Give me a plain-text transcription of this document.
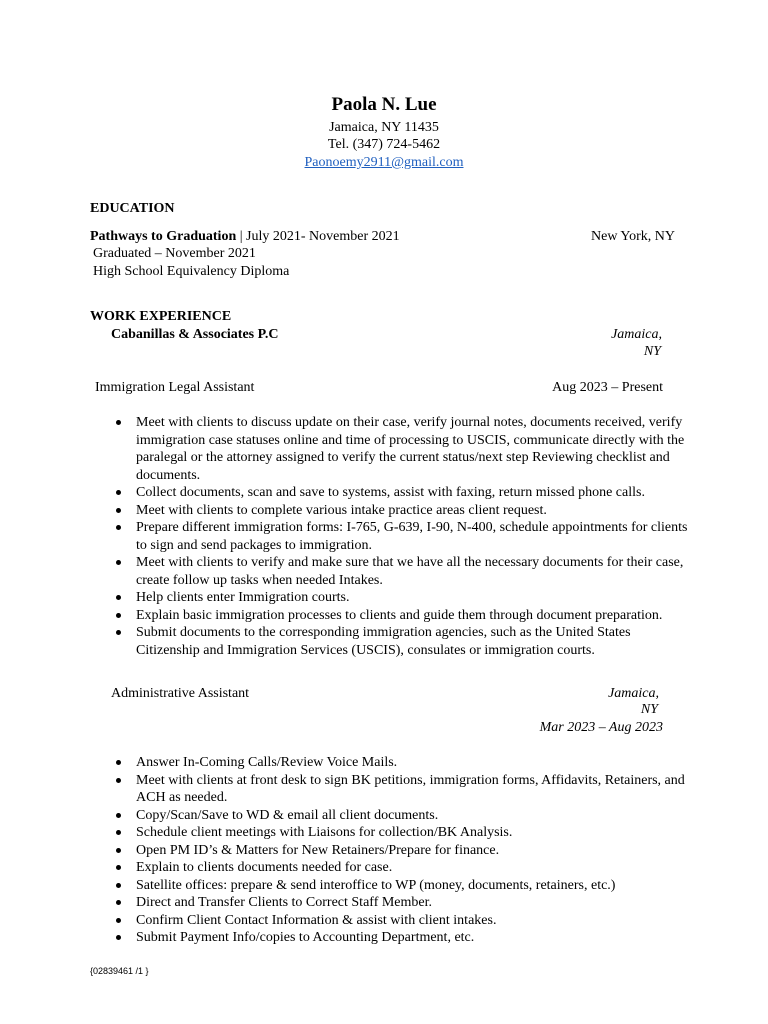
Paola N. Lue
Jamaica, NY 11435
Tel. (347) 724-5462
Paonoemy2911@gmail.com
EDUCATION
Pathways to Graduation | July 2021- November 2021	New York, NY
Graduated – November 2021
High School Equivalency Diploma
WORK EXPERIENCE
Cabanillas & Associates P.C	Jamaica,
NY
Immigration Legal Assistant	Aug 2023 – Present
Meet with clients to discuss update on their case, verify journal notes, documents received, verify immigration case statuses online and time of processing to USCIS, communicate directly with the paralegal or the attorney assigned to verify the current status/next step Reviewing checklist and documents.
Collect documents, scan and save to systems, assist with faxing, return missed phone calls.
Meet with clients to complete various intake practice areas client request.
Prepare different immigration forms: I-765, G-639, I-90, N-400, schedule appointments for clients to sign and send packages to immigration.
Meet with clients to verify and make sure that we have all the necessary documents for their case, create follow up tasks when needed Intakes.
Help clients enter Immigration courts.
Explain basic immigration processes to clients and guide them through document preparation.
Submit documents to the corresponding immigration agencies, such as the United States Citizenship and Immigration Services (USCIS), consulates or immigration courts.
Administrative Assistant	Jamaica,
NY
Mar 2023 – Aug 2023
Answer In-Coming Calls/Review Voice Mails.
Meet with clients at front desk to sign BK petitions, immigration forms, Affidavits, Retainers, and ACH as needed.
Copy/Scan/Save to WD & email all client documents.
Schedule client meetings with Liaisons for collection/BK Analysis.
Open PM ID’s & Matters for New Retainers/Prepare for finance.
Explain to clients documents needed for case.
Satellite offices: prepare & send interoffice to WP (money, documents, retainers, etc.)
Direct and Transfer Clients to Correct Staff Member.
Confirm Client Contact Information & assist with client intakes.
Submit Payment Info/copies to Accounting Department, etc.
{02839461 /1 }
